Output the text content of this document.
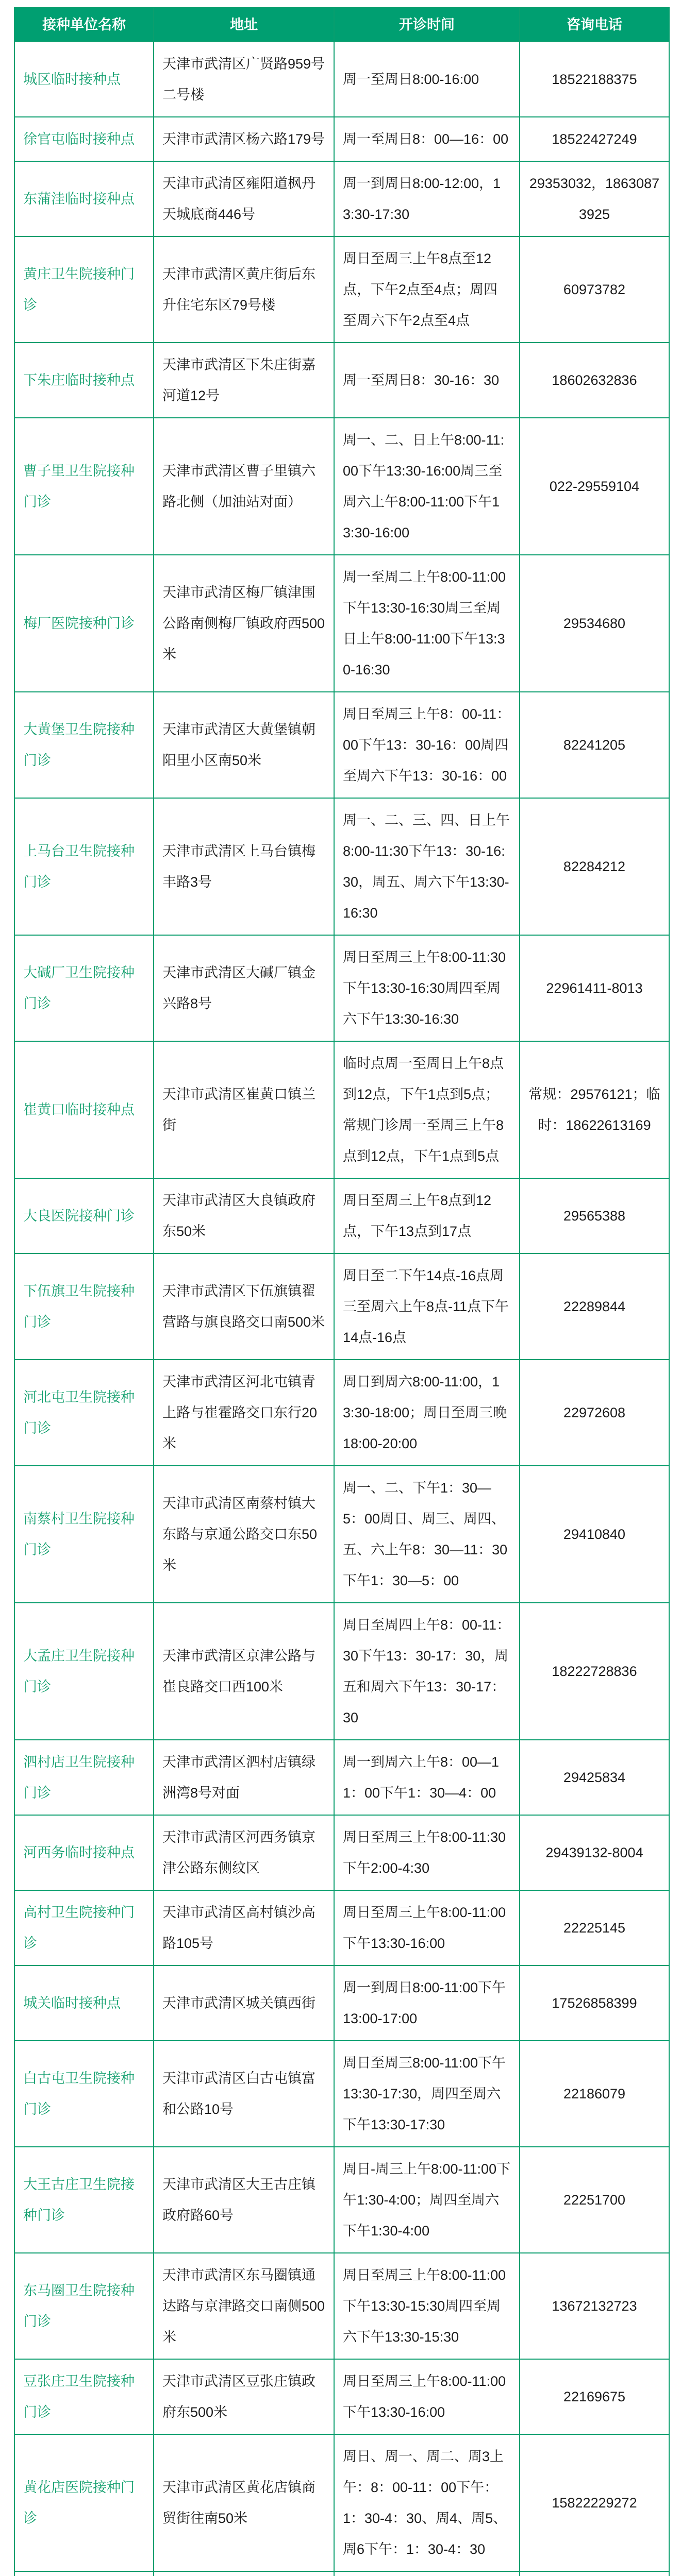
接种单位名称	地址	开诊时间	咨询电话
城区临时接种点	天津市武清区广贤路959号二号楼	周一至周日8:00-16:00	18522188375
徐官屯临时接种点	天津市武清区杨六路179号	周一至周日8：00—16：00	18522427249
东蒲洼临时接种点	天津市武清区雍阳道枫丹天城底商446号	周一到周日8:00-12:00，13:30-17:30	29353032，18630873925
黄庄卫生院接种门诊	天津市武清区黄庄街后东升住宅东区79号楼	周日至周三上午8点至12点，下午2点至4点；周四至周六下午2点至4点	60973782
下朱庄临时接种点	天津市武清区下朱庄街嘉河道12号	周一至周日8：30-16：30	18602632836
曹子里卫生院接种门诊	天津市武清区曹子里镇六路北侧（加油站对面）	周一、二、日上午8:00-11:00下午13:30-16:00周三至周六上午8:00-11:00下午13:30-16:00	022-29559104
梅厂医院接种门诊	天津市武清区梅厂镇津围公路南侧梅厂镇政府西500米	周一至周二上午8:00-11:00下午13:30-16:30周三至周日上午8:00-11:00下午13:30-16:30	29534680
大黄堡卫生院接种门诊	天津市武清区大黄堡镇朝阳里小区南50米	周日至周三上午8：00-11：00下午13：30-16：00周四至周六下午13：30-16：00	82241205
上马台卫生院接种门诊	天津市武清区上马台镇梅丰路3号	周一、二、三、四、日上午8:00-11:30下午13：30-16:30，周五、周六下午13:30-16:30	82284212
大碱厂卫生院接种门诊	天津市武清区大碱厂镇金兴路8号	周日至周三上午8:00-11:30下午13:30-16:30周四至周六下午13:30-16:30	22961411-8013
崔黄口临时接种点	天津市武清区崔黄口镇兰街	临时点周一至周日上午8点到12点，下午1点到5点；常规门诊周一至周三上午8点到12点，下午1点到5点	常规：29576121；临时：18622613169
大良医院接种门诊	天津市武清区大良镇政府东50米	周日至周三上午8点到12点，下午13点到17点	29565388
下伍旗卫生院接种门诊	天津市武清区下伍旗镇翟营路与旗良路交口南500米	周日至二下午14点-16点周三至周六上午8点-11点下午14点-16点	22289844
河北屯卫生院接种门诊	天津市武清区河北屯镇青上路与崔霍路交口东行20米	周日到周六8:00-11:00，13:30-18:00；周日至周三晚18:00-20:00	22972608
南蔡村卫生院接种门诊	天津市武清区南蔡村镇大东路与京通公路交口东50米	周一、二、下午1：30—5：00周日、周三、周四、五、六上午8：30—11：30下午1：30—5：00	29410840
大孟庄卫生院接种门诊	天津市武清区京津公路与崔良路交口西100米	周日至周四上午8：00-11：30下午13：30-17：30，周五和周六下午13：30-17：30	18222728836
泗村店卫生院接种门诊	天津市武清区泗村店镇绿洲湾8号对面	周一到周六上午8：00—11：00下午1：30—4：00	29425834
河西务临时接种点	天津市武清区河西务镇京津公路东侧纹区	周日至周三上午8:00-11:30下午2:00-4:30	29439132-8004
高村卫生院接种门诊	天津市武清区高村镇沙高路105号	周日至周三上午8:00-11:00下午13:30-16:00	22225145
城关临时接种点	天津市武清区城关镇西街	周一到周日8:00-11:00下午13:00-17:00	17526858399
白古屯卫生院接种门诊	天津市武清区白古屯镇富和公路10号	周日至周三8:00-11:00下午13:30-17:30，周四至周六下午13:30-17:30	22186079
大王古庄卫生院接种门诊	天津市武清区大王古庄镇政府路60号	周日-周三上午8:00-11:00下午1:30-4:00；周四至周六下午1:30-4:00	22251700
东马圈卫生院接种门诊	天津市武清区东马圈镇通达路与京津路交口南侧500米	周日至周三上午8:00-11:00下午13:30-15:30周四至周六下午13:30-15:30	13672132723
豆张庄卫生院接种门诊	天津市武清区豆张庄镇政府东500米	周日至周三上午8:00-11:00下午13:30-16:00	22169675
黄花店医院接种门诊	天津市武清区黄花店镇商贸街往南50米	周日、周一、周二、周3上午：8：00-11：00下午：1：30-4：30、周4、周5、周6下午：1：30-4：30	15822229272
